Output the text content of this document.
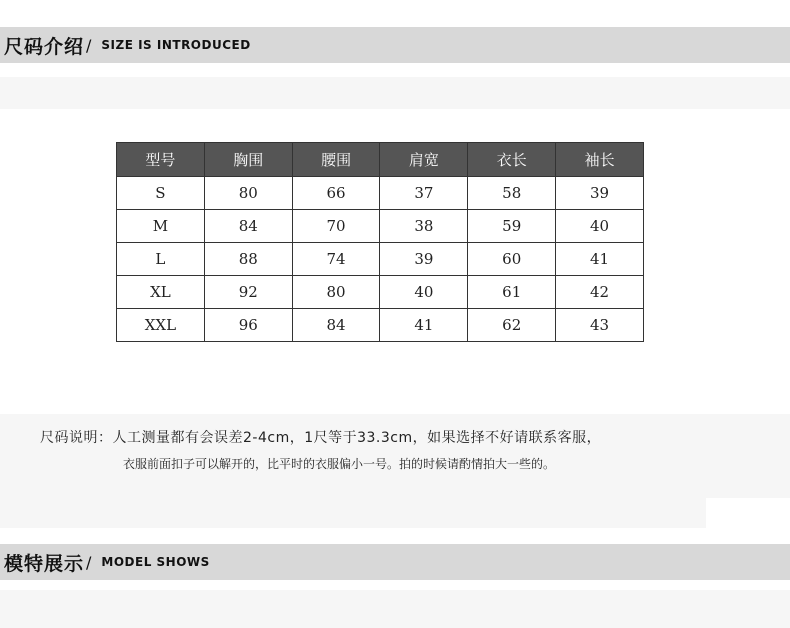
尺码介绍 / SIZE IS INTRODUCED
型号	胸围	腰围	肩宽	衣长	袖长
S	80	66	37	58	39
M	84	70	38	59	40
L	88	74	39	60	41
XL	92	80	40	61	42
XXL	96	84	41	62	43
尺码说明：人工测量都有会误差2-4cm，1尺等于33.3cm，如果选择不好请联系客服，
衣服前面扣子可以解开的，比平时的衣服偏小一号。拍的时候请酌情拍大一些的。
模特展示 / MODEL SHOWS
